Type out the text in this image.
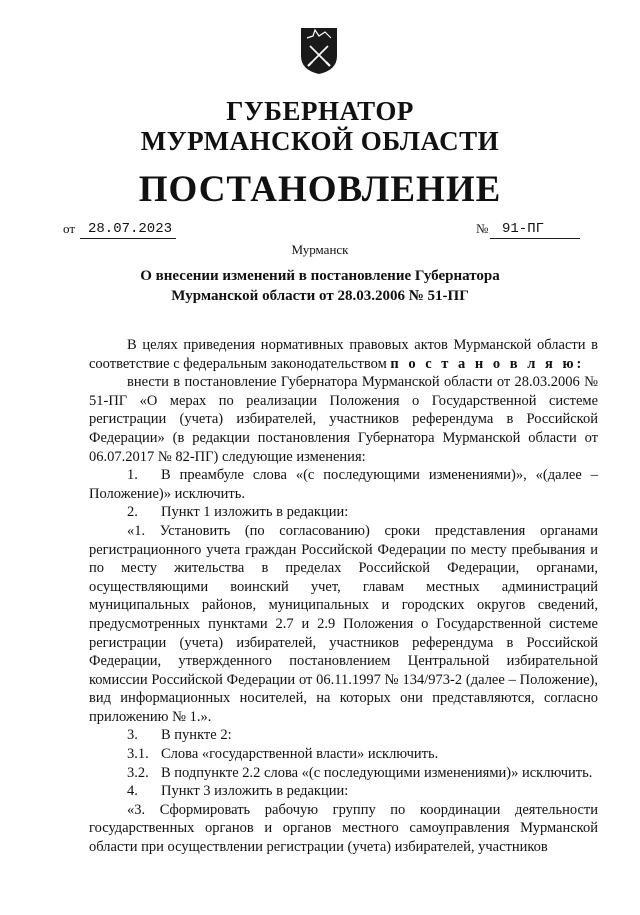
ГУБЕРНАТОР
МУРМАНСКОЙ ОБЛАСТИ
ПОСТАНОВЛЕНИЕ
от 28.07.2023	№ 91-ПГ
Мурманск
О внесении изменений в постановление Губернатора
Мурманской области от 28.03.2006 № 51-ПГ

В целях приведения нормативных правовых актов Мурманской области в соответствие с федеральным законодательством п о с т а н о в л я ю:

внести в постановление Губернатора Мурманской области от 28.03.2006 № 51-ПГ «О мерах по реализации Положения о Государственной системе регистрации (учета) избирателей, участников референдума в Российской Федерации» (в редакции постановления Губернатора Мурманской области от 06.07.2017 № 82-ПГ) следующие изменения:

1. В преамбуле слова «(с последующими изменениями)», «(далее – Положение)» исключить.

2. Пункт 1 изложить в редакции:

«1. Установить (по согласованию) сроки представления органами регистрационного учета граждан Российской Федерации по месту пребывания и по месту жительства в пределах Российской Федерации, органами, осуществляющими воинский учет, главам местных администраций муниципальных районов, муниципальных и городских округов сведений, предусмотренных пунктами 2.7 и 2.9 Положения о Государственной системе регистрации (учета) избирателей, участников референдума в Российской Федерации, утвержденного постановлением Центральной избирательной комиссии Российской Федерации от 06.11.1997 № 134/973-2 (далее – Положение), вид информационных носителей, на которых они представляются, согласно приложению № 1.».

3. В пункте 2:

3.1. Слова «государственной власти» исключить.

3.2. В подпункте 2.2 слова «(с последующими изменениями)» исключить.

4. Пункт 3 изложить в редакции:

«3. Сформировать рабочую группу по координации деятельности государственных органов и органов местного самоуправления Мурманской области при осуществлении регистрации (учета) избирателей, участников
